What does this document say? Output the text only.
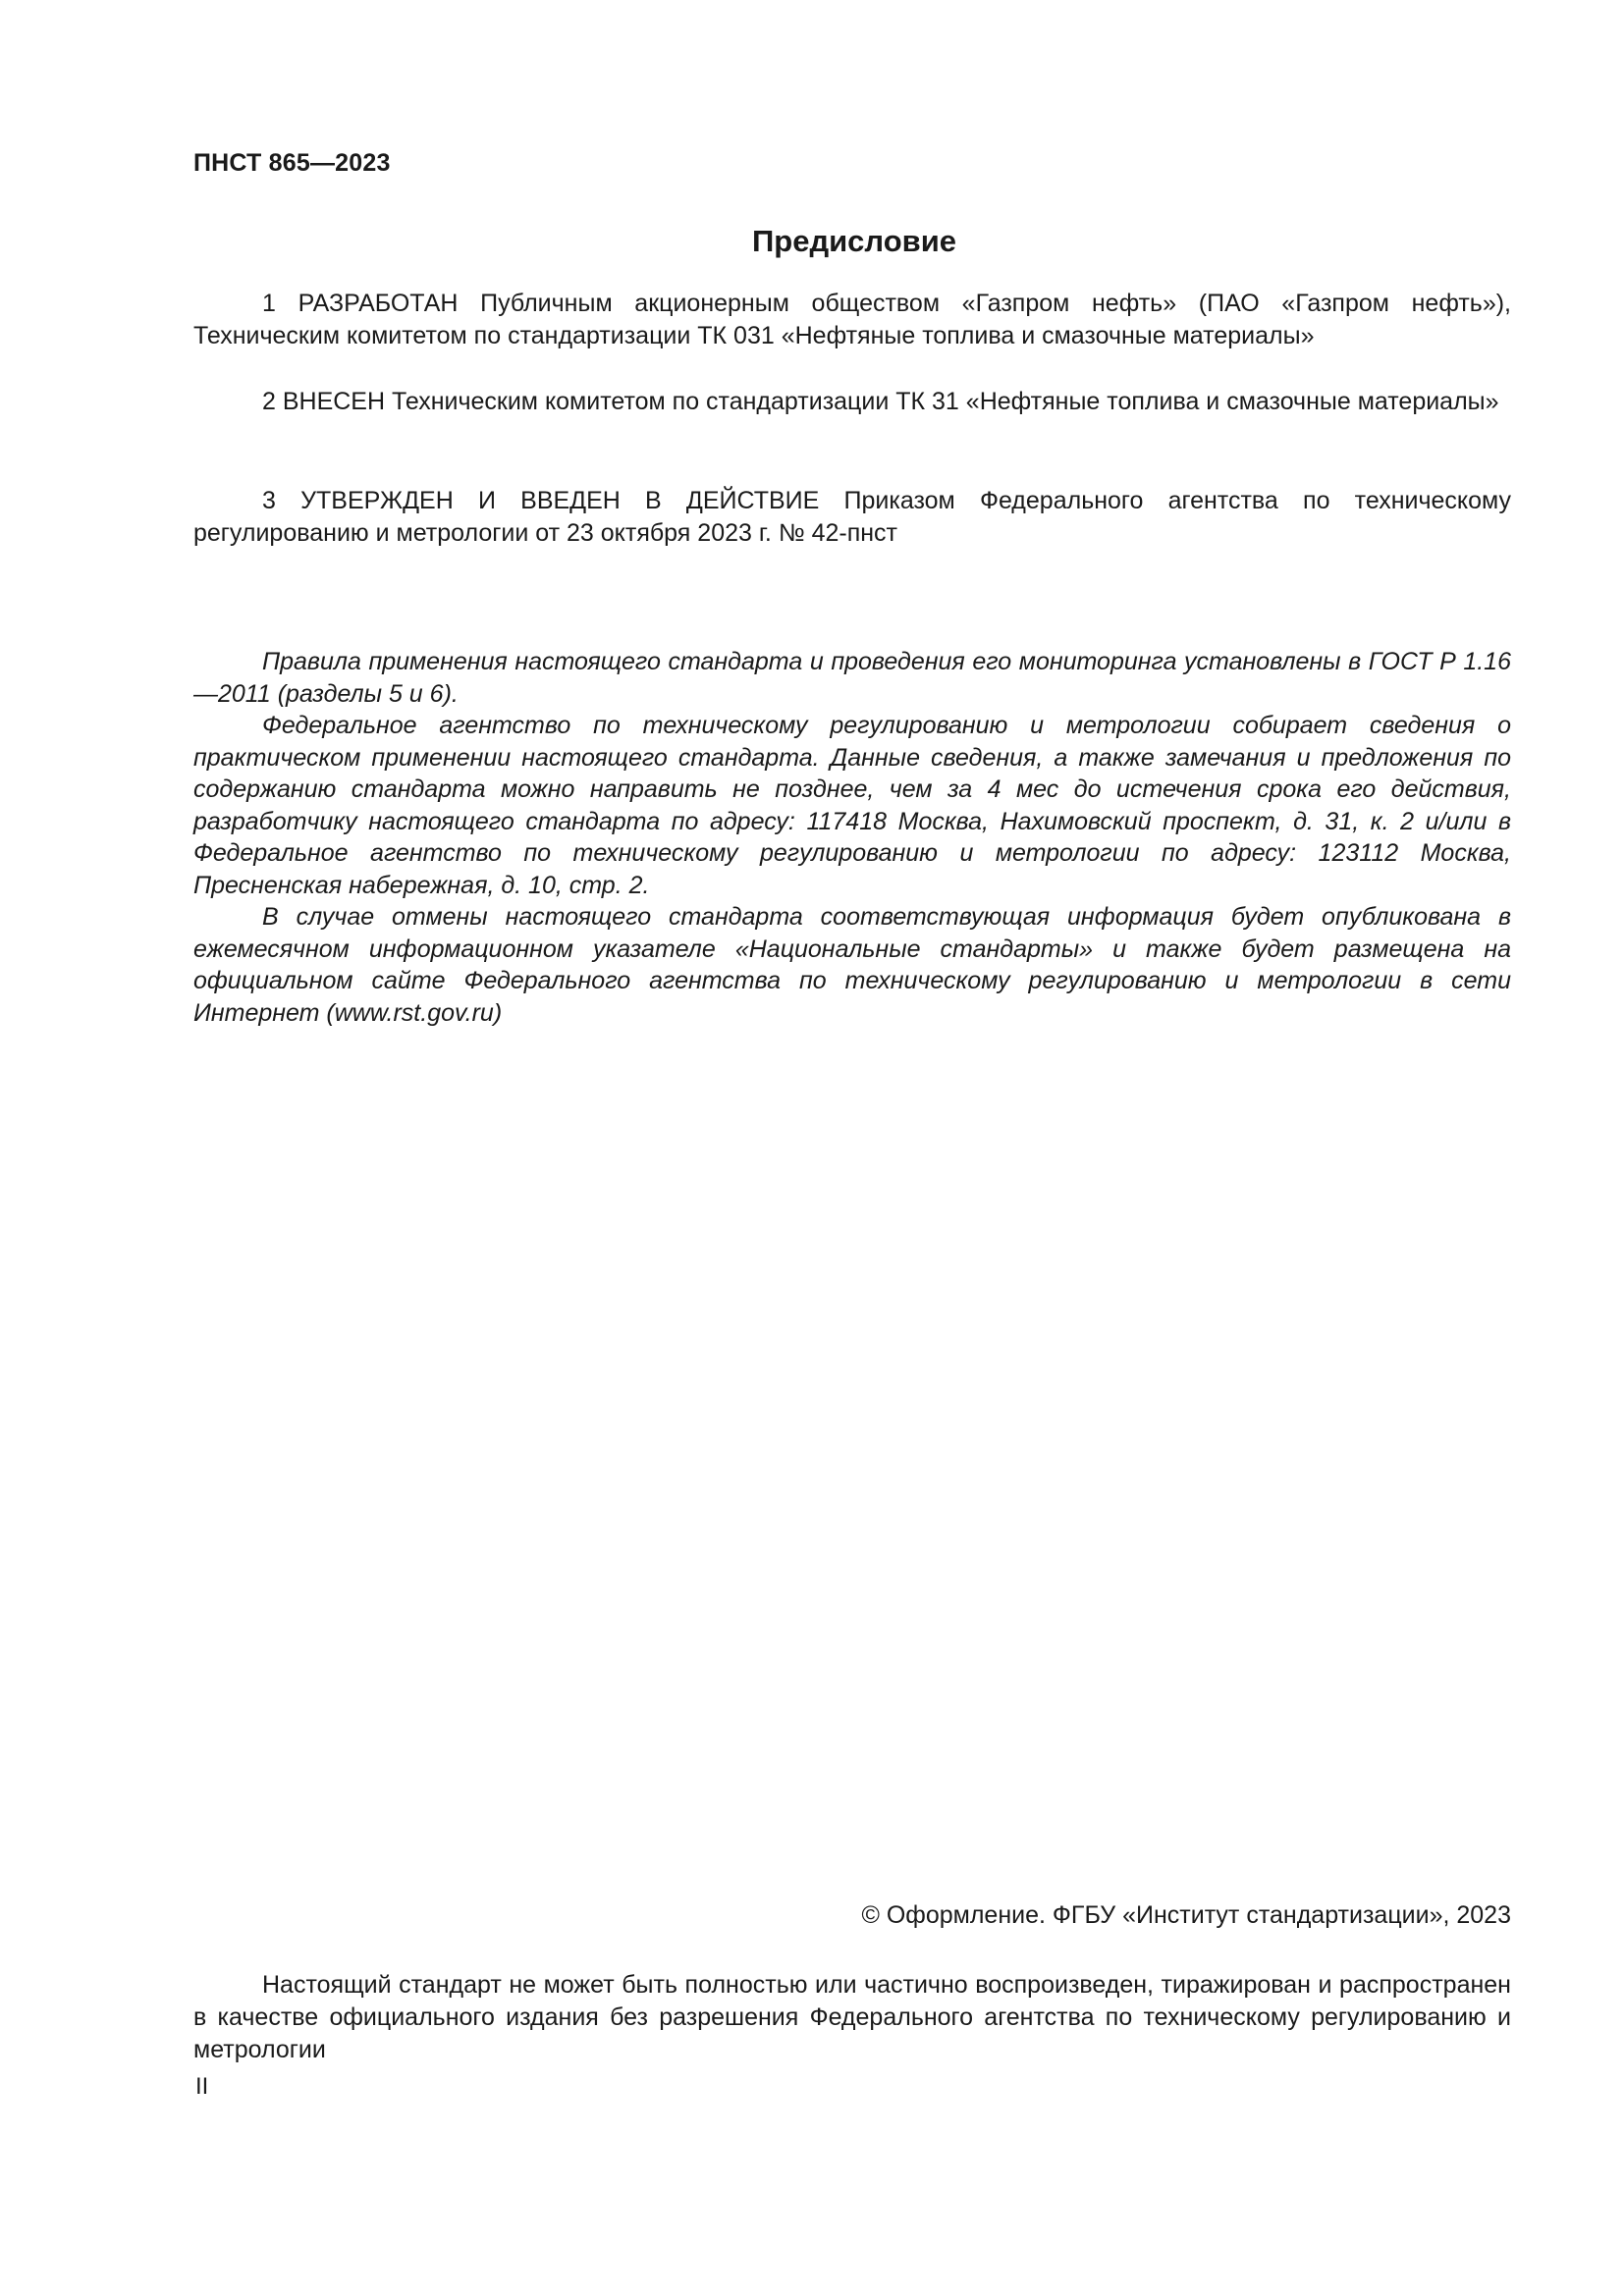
ПНСТ 865—2023
Предисловие

1 РАЗРАБОТАН Публичным акционерным обществом «Газпром нефть» (ПАО «Газпром нефть»), Техническим комитетом по стандартизации ТК 031 «Нефтяные топлива и смазочные материалы»

2 ВНЕСЕН Техническим комитетом по стандартизации ТК 31 «Нефтяные топлива и смазочные материалы»

3 УТВЕРЖДЕН И ВВЕДЕН В ДЕЙСТВИЕ Приказом Федерального агентства по техническому регулированию и метрологии от 23 октября 2023 г. № 42-пнст

Правила применения настоящего стандарта и проведения его мониторинга установлены в ГОСТ Р 1.16—2011 (разделы 5 и 6).

Федеральное агентство по техническому регулированию и метрологии собирает сведения о практическом применении настоящего стандарта. Данные сведения, а также замечания и предложения по содержанию стандарта можно направить не позднее, чем за 4 мес до истечения срока его действия, разработчику настоящего стандарта по адресу: 117418 Москва, Нахимовский проспект, д. 31, к. 2 и/или в Федеральное агентство по техническому регулированию и метрологии по адресу: 123112 Москва, Пресненская набережная, д. 10, стр. 2.

В случае отмены настоящего стандарта соответствующая информация будет опубликована в ежемесячном информационном указателе «Национальные стандарты» и также будет размещена на официальном сайте Федерального агентства по техническому регулированию и метрологии в сети Интернет (www.rst.gov.ru)

© Оформление. ФГБУ «Институт стандартизации», 2023

Настоящий стандарт не может быть полностью или частично воспроизведен, тиражирован и распространен в качестве официального издания без разрешения Федерального агентства по техническому регулированию и метрологии

II
